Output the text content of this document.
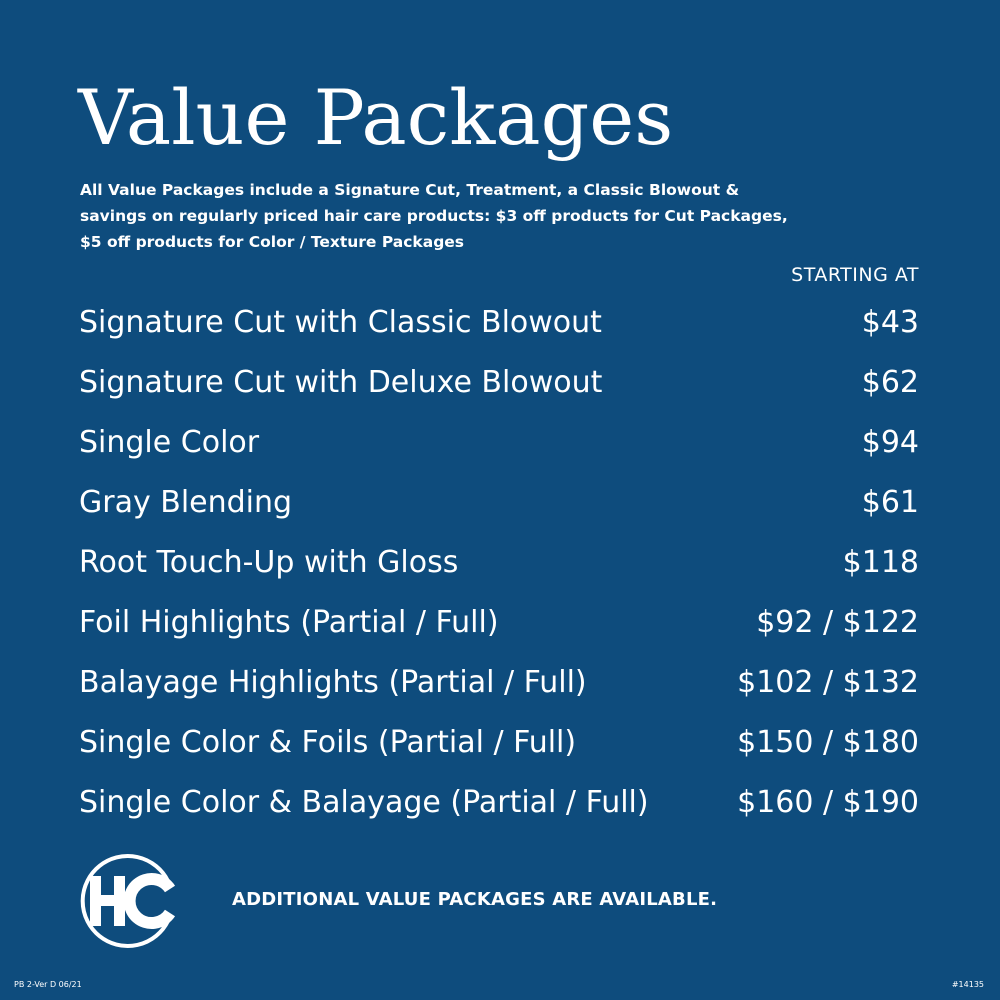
Value Packages
All Value Packages include a Signature Cut, Treatment, a Classic Blowout &
savings on regularly priced hair care products: $3 off products for Cut Packages,
$5 off products for Color / Texture Packages
STARTING AT
Signature Cut with Classic Blowout	$43
Signature Cut with Deluxe Blowout	$62
Single Color	$94
Gray Blending	$61
Root Touch-Up with Gloss	$118
Foil Highlights (Partial / Full)	$92 / $122
Balayage Highlights (Partial / Full)	$102 / $132
Single Color & Foils (Partial / Full)	$150 / $180
Single Color & Balayage (Partial / Full)	$160 / $190
HC
ADDITIONAL VALUE PACKAGES ARE AVAILABLE.
PB 2-Ver D 06/21	#14135
